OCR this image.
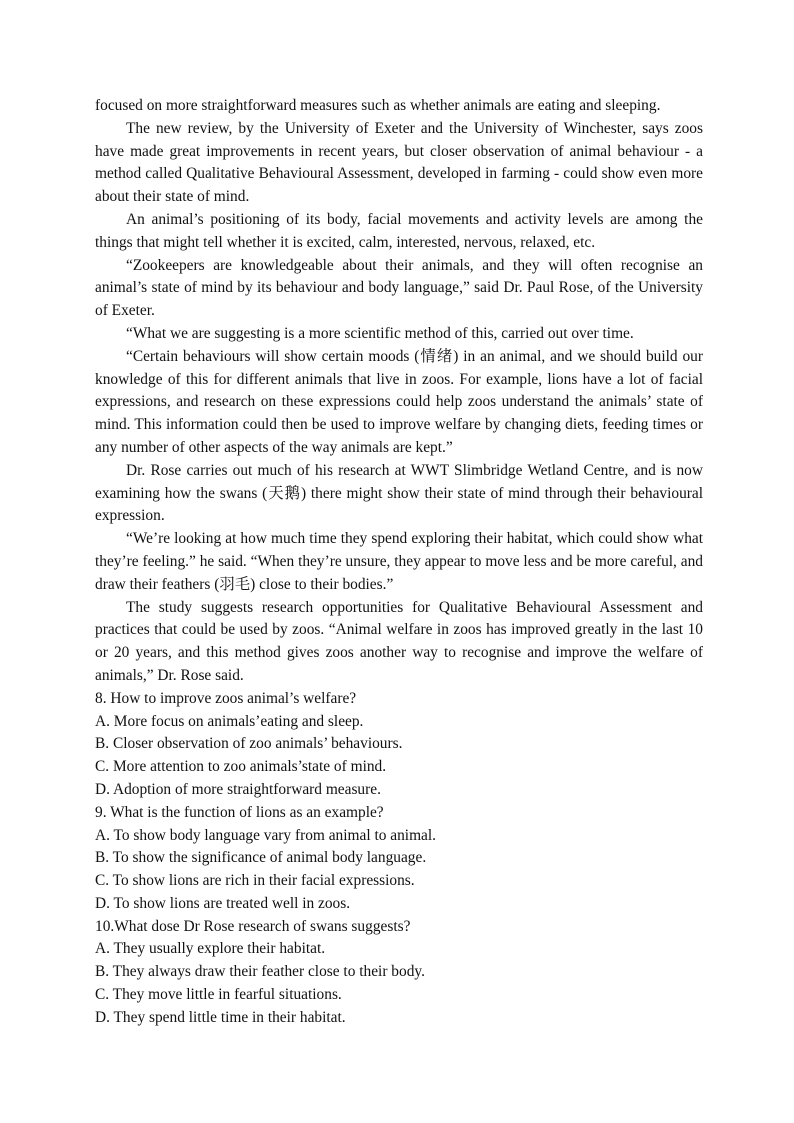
focused on more straightforward measures such as whether animals are eating and sleeping.

The new review, by the University of Exeter and the University of Winchester, says zoos have made great improvements in recent years, but closer observation of animal behaviour - a method called Qualitative Behavioural Assessment, developed in farming - could show even more about their state of mind.

An animal’s positioning of its body, facial movements and activity levels are among the things that might tell whether it is excited, calm, interested, nervous, relaxed, etc.

“Zookeepers are knowledgeable about their animals, and they will often recognise an animal’s state of mind by its behaviour and body language,” said Dr. Paul Rose, of the University of Exeter.

“What we are suggesting is a more scientific method of this, carried out over time.

“Certain behaviours will show certain moods (情绪) in an animal, and we should build our knowledge of this for different animals that live in zoos. For example, lions have a lot of facial expressions, and research on these expressions could help zoos understand the animals’ state of mind. This information could then be used to improve welfare by changing diets, feeding times or any number of other aspects of the way animals are kept.”

Dr. Rose carries out much of his research at WWT Slimbridge Wetland Centre, and is now examining how the swans (天鹅) there might show their state of mind through their behavioural expression.

“We’re looking at how much time they spend exploring their habitat, which could show what they’re feeling.” he said. “When they’re unsure, they appear to move less and be more careful, and draw their feathers (羽毛) close to their bodies.”

The study suggests research opportunities for Qualitative Behavioural Assessment and practices that could be used by zoos. “Animal welfare in zoos has improved greatly in the last 10 or 20 years, and this method gives zoos another way to recognise and improve the welfare of animals,” Dr. Rose said.

8. How to improve zoos animal’s welfare?

A. More focus on animals’eating and sleep.

B. Closer observation of zoo animals’ behaviours.

C. More attention to zoo animals’state of mind.

D. Adoption of more straightforward measure.

9. What is the function of lions as an example?

A. To show body language vary from animal to animal.

B. To show the significance of animal body language.

C. To show lions are rich in their facial expressions.

D. To show lions are treated well in zoos.

10.What dose Dr Rose research of swans suggests?

A. They usually explore their habitat.

B. They always draw their feather close to their body.

C. They move little in fearful situations.

D. They spend little time in their habitat.
